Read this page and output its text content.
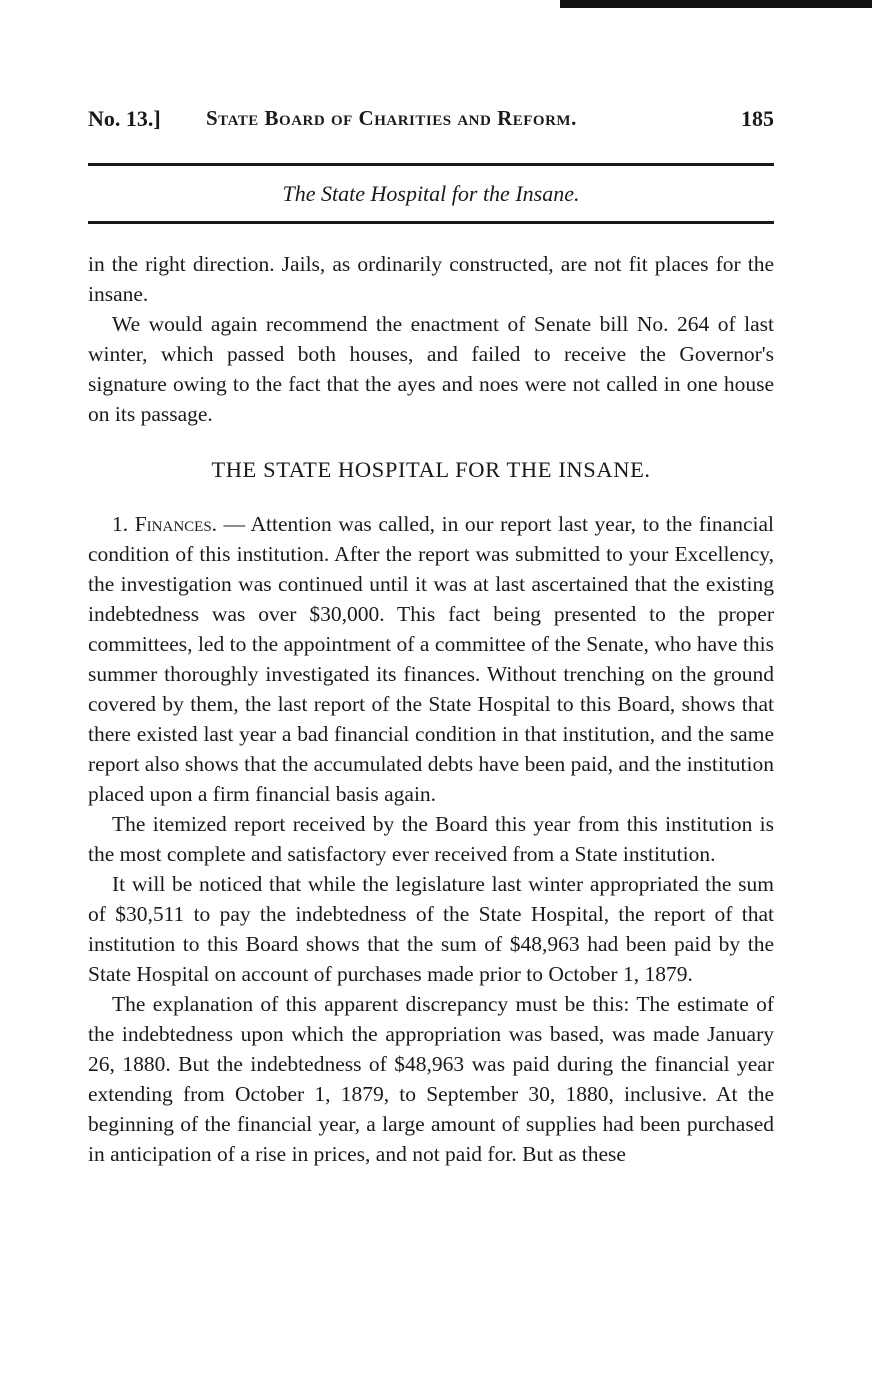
No. 13.] State Board of Charities and Reform.	185
The State Hospital for the Insane.

in the right direction. Jails, as ordinarily constructed, are not fit places for the insane.

We would again recommend the enactment of Senate bill No. 264 of last winter, which passed both houses, and failed to receive the Governor's signature owing to the fact that the ayes and noes were not called in one house on its passage.

THE STATE HOSPITAL FOR THE INSANE.

1. Finances. — Attention was called, in our report last year, to the financial condition of this institution. After the report was submitted to your Excellency, the investigation was continued until it was at last ascertained that the existing indebtedness was over $30,000. This fact being presented to the proper committees, led to the appointment of a committee of the Senate, who have this summer thoroughly investigated its finances. Without trenching on the ground covered by them, the last report of the State Hospital to this Board, shows that there existed last year a bad financial condition in that institution, and the same report also shows that the accumulated debts have been paid, and the institution placed upon a firm financial basis again.

The itemized report received by the Board this year from this institution is the most complete and satisfactory ever received from a State institution.

It will be noticed that while the legislature last winter appropriated the sum of $30,511 to pay the indebtedness of the State Hospital, the report of that institution to this Board shows that the sum of $48,963 had been paid by the State Hospital on account of purchases made prior to October 1, 1879.

The explanation of this apparent discrepancy must be this: The estimate of the indebtedness upon which the appropriation was based, was made January 26, 1880. But the indebtedness of $48,963 was paid during the financial year extending from October 1, 1879, to September 30, 1880, inclusive. At the beginning of the financial year, a large amount of supplies had been purchased in anticipation of a rise in prices, and not paid for. But as these
